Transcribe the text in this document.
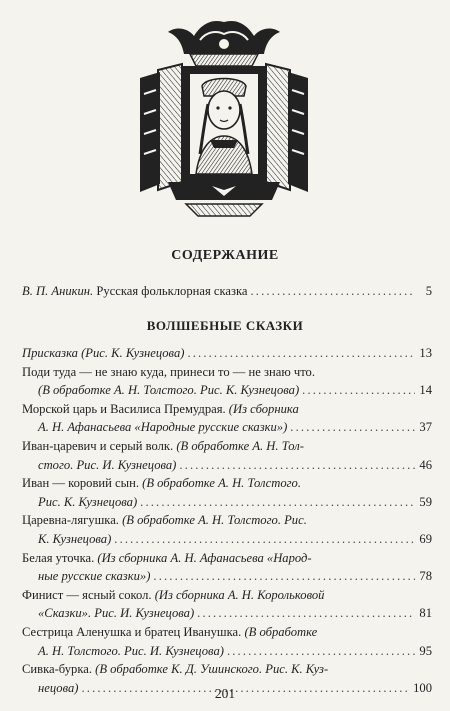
СОДЕРЖАНИЕ
В. П. Аникин. Русская фольклорная сказка . . .	5
ВОЛШЕБНЫЕ СКАЗКИ
Присказка (Рис. К. Кузнецова) . . .	13
Поди туда — не знаю куда, принеси то — не знаю что.
(В обработке А. Н. Толстого. Рис. К. Кузнецова) . . .	14
Морской царь и Василиса Премудрая. (Из сборника
А. Н. Афанасьева «Народные русские сказки») . . .	37
Иван-царевич и серый волк. (В обработке А. Н. Тол-
стого. Рис. И. Кузнецова) . . .	46
Иван — коровий сын. (В обработке А. Н. Толстого.
Рис. К. Кузнецова) . . .	59
Царевна-лягушка. (В обработке А. Н. Толстого. Рис.
К. Кузнецова) . . .	69
Белая уточка. (Из сборника А. Н. Афанасьева «Народ-
ные русские сказки») . . .	78
Финист — ясный сокол. (Из сборника А. Н. Корольковой
«Сказки». Рис. И. Кузнецова) . . .	81
Сестрица Аленушка и братец Иванушка. (В обработке
А. Н. Толстого. Рис. И. Кузнецова) . . .	95
Сивка-бурка. (В обработке К. Д. Ушинского. Рис. К. Куз-
нецова) . . .	100
201
